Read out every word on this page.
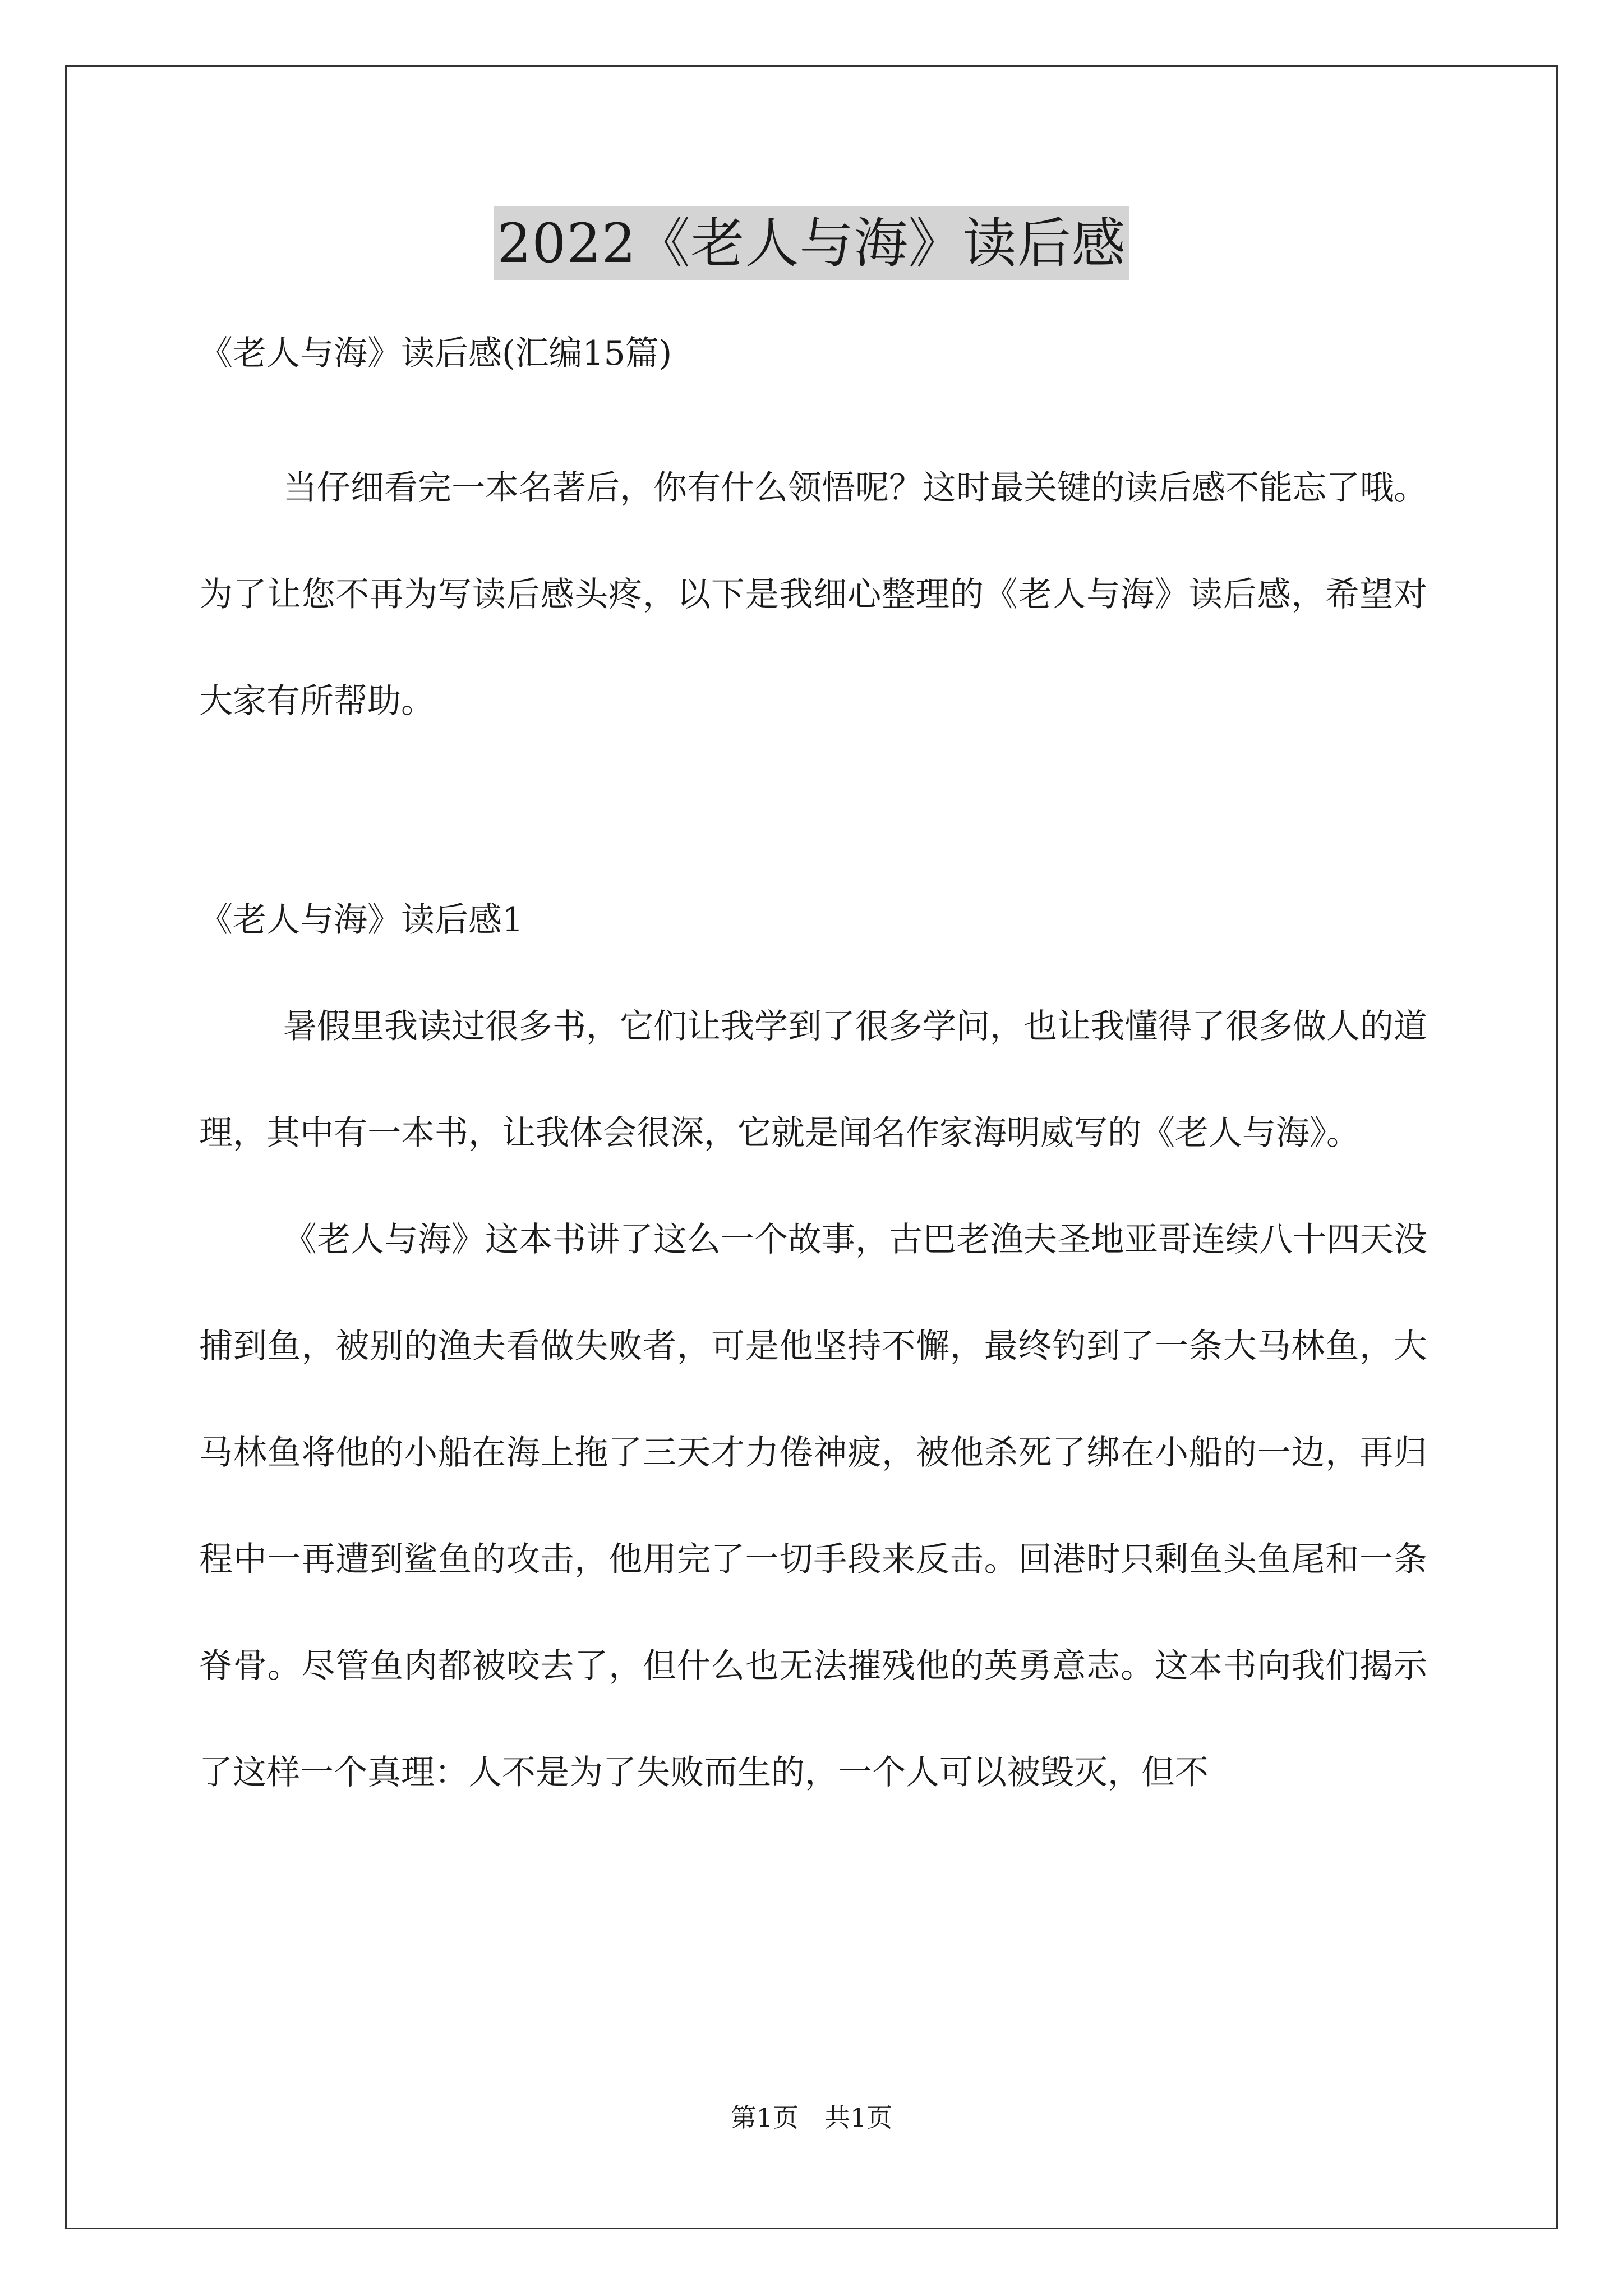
2022《老人与海》读后感
《老人与海》读后感(汇编15篇)

当仔细看完一本名著后，你有什么领悟呢？这时最关键的读后感不能忘了哦。为了让您不再为写读后感头疼，以下是我细心整理的《老人与海》读后感，希望对大家有所帮助。

《老人与海》读后感1

暑假里我读过很多书，它们让我学到了很多学问，也让我懂得了很多做人的道理，其中有一本书，让我体会很深，它就是闻名作家海明威写的《老人与海》。

《老人与海》这本书讲了这么一个故事，古巴老渔夫圣地亚哥连续八十四天没捕到鱼，被别的渔夫看做失败者，可是他坚持不懈，最终钓到了一条大马林鱼，大马林鱼将他的小船在海上拖了三天才力倦神疲，被他杀死了绑在小船的一边，再归程中一再遭到鲨鱼的攻击，他用完了一切手段来反击。回港时只剩鱼头鱼尾和一条脊骨。尽管鱼肉都被咬去了，但什么也无法摧残他的英勇意志。这本书向我们揭示了这样一个真理：人不是为了失败而生的，一个人可以被毁灭，但不

第1页　共1页
